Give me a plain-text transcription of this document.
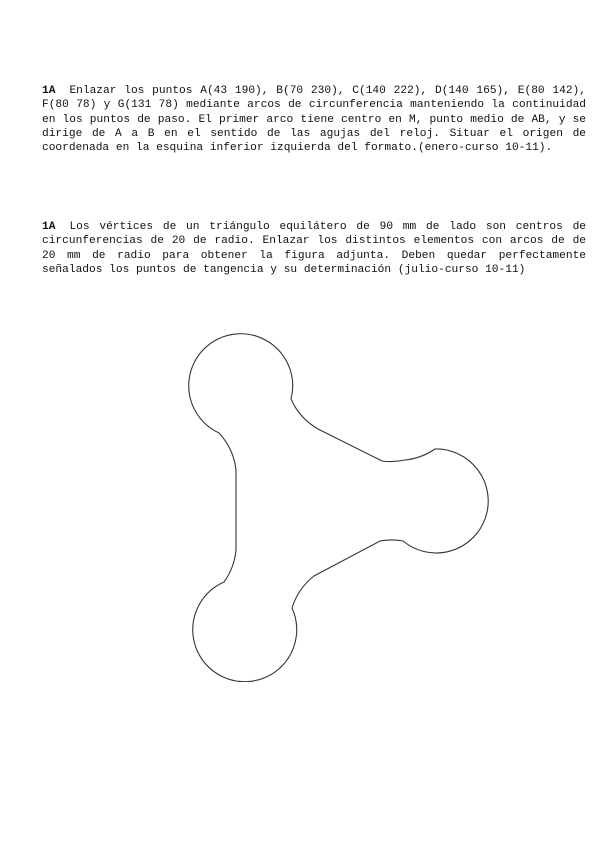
1A Enlazar los puntos A(43 190), B(70 230), C(140 222), D(140 165), E(80 142), F(80 78) y G(131 78) mediante arcos de circunferencia manteniendo la continuidad en los puntos de paso. El primer arco tiene centro en M, punto medio de AB, y se dirige de A a B en el sentido de las agujas del reloj. Situar el origen de coordenada en la esquina inferior izquierda del formato.(enero-curso 10-11).
1A Los vértices de un triángulo equilátero de 90 mm de lado son centros de circunferencias de 20 de radio. Enlazar los distintos elementos con arcos de de 20 mm de radio para obtener la figura adjunta. Deben quedar perfectamente señalados los puntos de tangencia y su determinación (julio-curso 10-11)
